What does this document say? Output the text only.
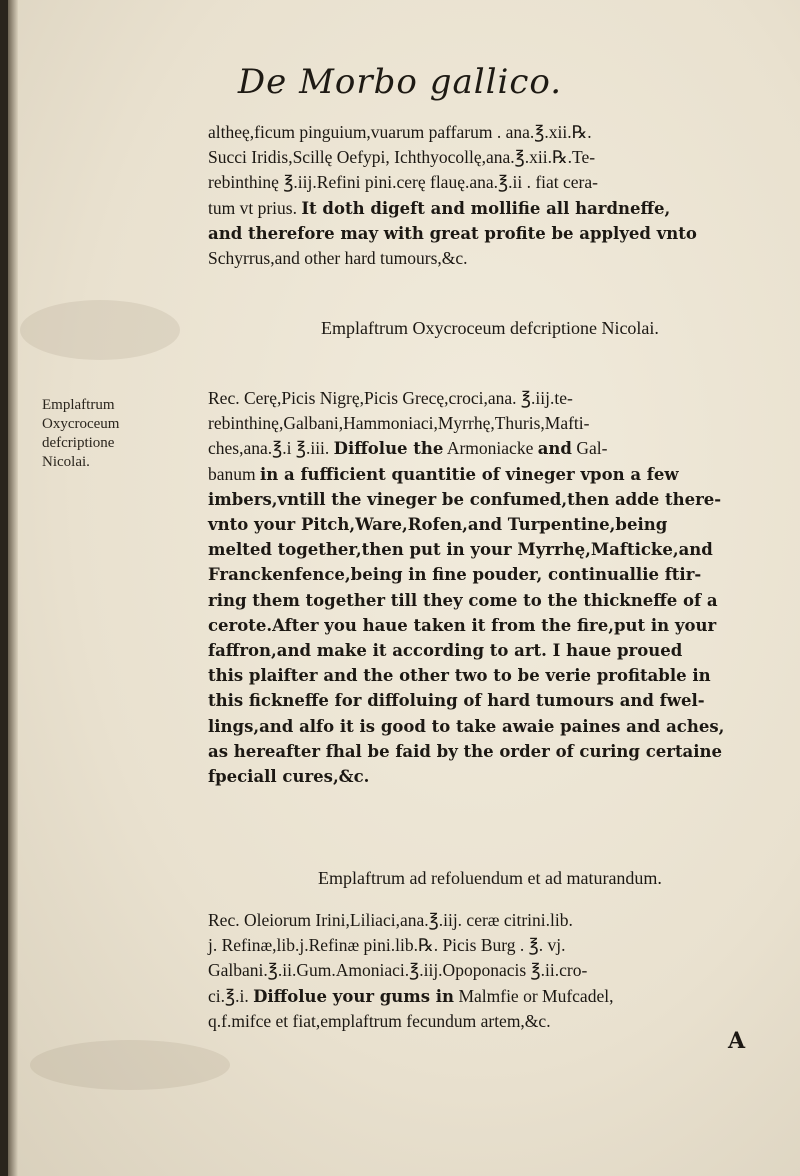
De Morbo gallico.

altheę,ficum pinguium,vuarum paffarum . ana.℥.xii.℞.

Succi Iridis,Scillę Oefypi, Ichthyocollę,ana.℥.xii.℞.Te-

rebinthinę ℥.iij.Refini pini.cerę flauę.ana.℥.ii . fiat cera-

tum vt prius. It doth digeft and mollifie all hardneffe,

and therefore may with great profite be applyed vnto

Schyrrus,and other hard tumours,&c.

Emplaftrum Oxycroceum defcriptione Nicolai.
Emplaftrum
Oxycroceum
defcriptione
Nicolai.

Rec. Cerę,Picis Nigrę,Picis Grecę,croci,ana. ℥.iij.te-

rebinthinę,Galbani,Hammoniaci,Myrrhę,Thuris,Mafti-

ches,ana.℥.i ℥.iii. Diffolue the Armoniacke and Gal-

banum in a fufficient quantitie of vineger vpon a few

imbers,vntill the vineger be confumed,then adde there-

vnto your Pitch,Ware,Rofen,and Turpentine,being

melted together,then put in your Myrrhę,Mafticke,and

Franckenfence,being in fine pouder, continuallie ftir-

ring them together till they come to the thickneffe of a

cerote.After you haue taken it from the fire,put in your

faffron,and make it according to art. I haue proued

this plaifter and the other two to be verie profitable in

this fickneffe for diffoluing of hard tumours and fwel-

lings,and alfo it is good to take awaie paines and aches,

as hereafter fhal be faid by the order of curing certaine

fpeciall cures,&c.

Emplaftrum ad refoluendum et ad maturandum.

Rec. Oleiorum Irini,Liliaci,ana.℥.iij. ceræ citrini.lib.

j. Refinæ,lib.j.Refinæ pini.lib.℞. Picis Burg . ℥. vj.

Galbani.℥.ii.Gum.Amoniaci.℥.iij.Opoponacis ℥.ii.cro-

ci.℥.i. Diffolue your gums in Malmfie or Mufcadel,

q.f.mifce et fiat,emplaftrum fecundum artem,&c.

A
